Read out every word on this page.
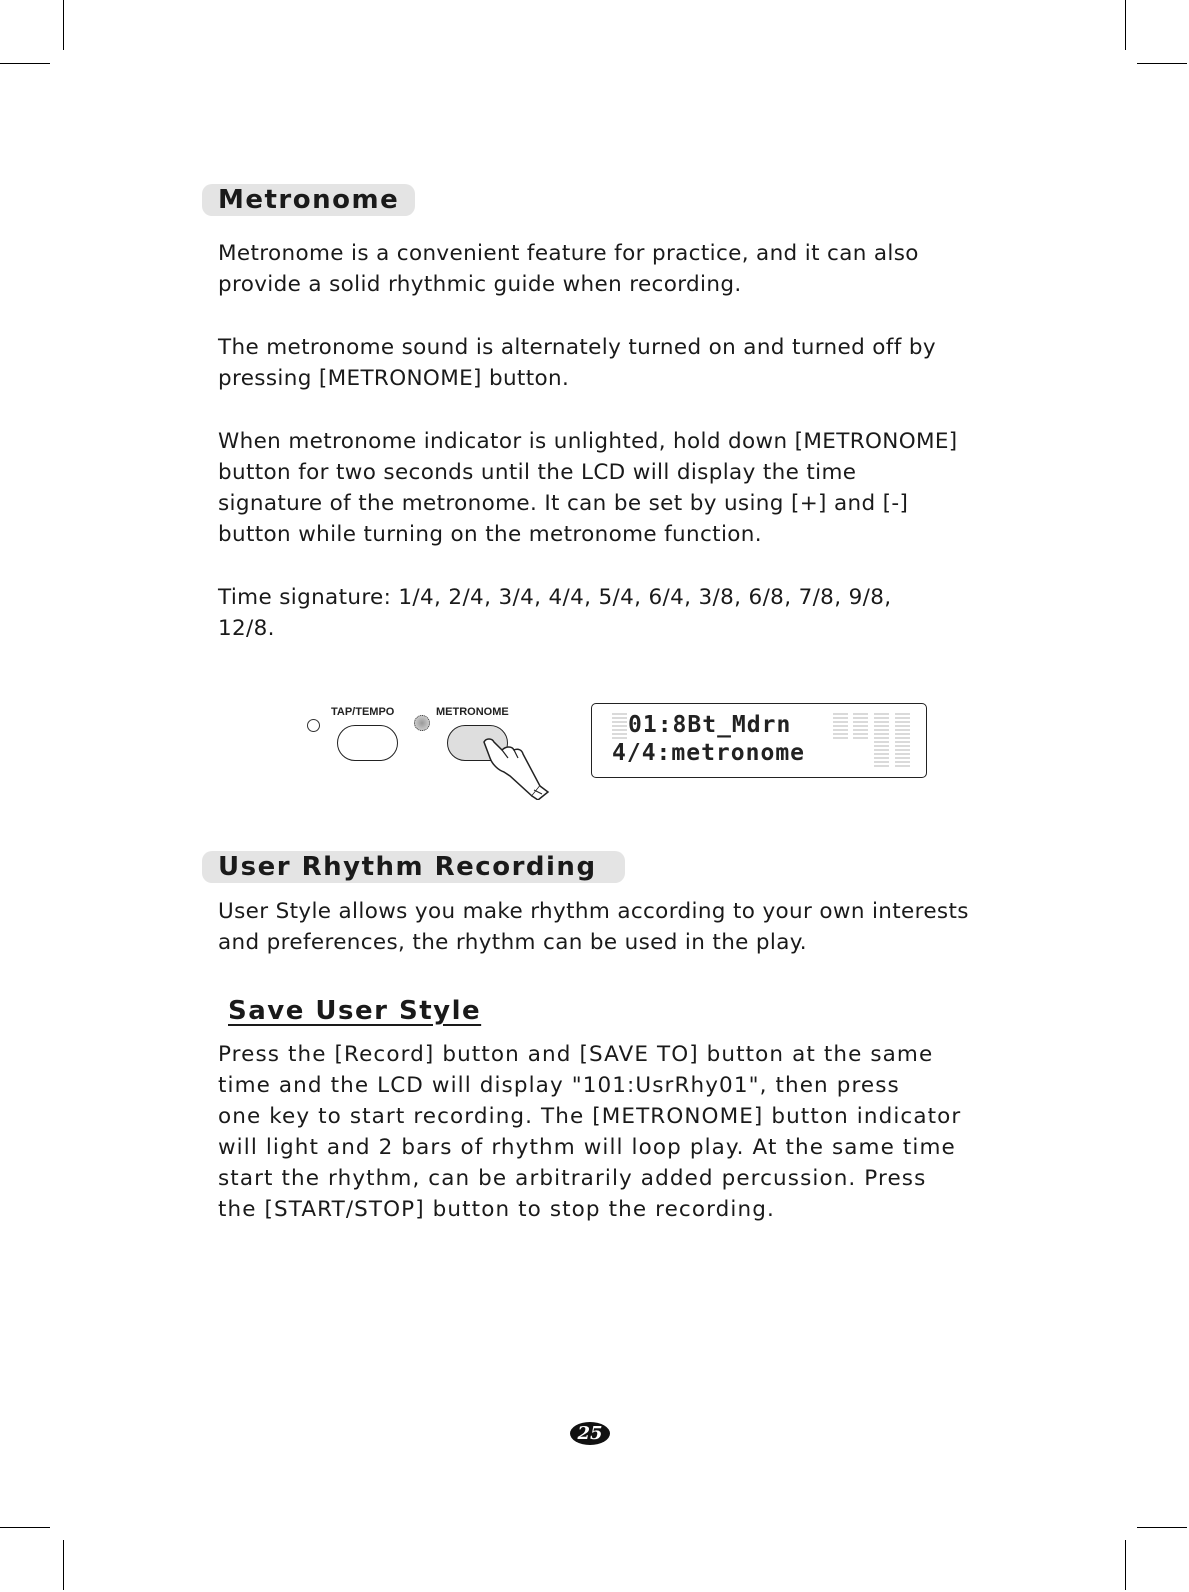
Metronome

Metronome is a convenient feature for practice, and it can also
provide a solid rhythmic guide when recording.

The metronome sound is alternately turned on and turned off by
pressing [METRONOME] button.

When metronome indicator is unlighted, hold down [METRONOME]
button for two seconds until the LCD will display the time
signature of the metronome. It can be set by using [+] and [-]
button while turning on the metronome function.

Time signature: 1/4, 2/4, 3/4, 4/4, 5/4, 6/4, 3/8, 6/8, 7/8, 9/8,
12/8.

TAP/TEMPO	METRONOME	01:8Bt_Mdrn

4/4:metronome

User Rhythm Recording

User Style allows you make rhythm according to your own interests
and preferences, the rhythm can be used in the play.

Save User Style

Press the [Record] button and [SAVE TO] button at the same
time and the LCD will display "101:UsrRhy01", then press
one key to start recording. The [METRONOME] button indicator
will light and 2 bars of rhythm will loop play. At the same time
start the rhythm, can be arbitrarily added percussion. Press
the [START/STOP] button to stop the recording.

25
